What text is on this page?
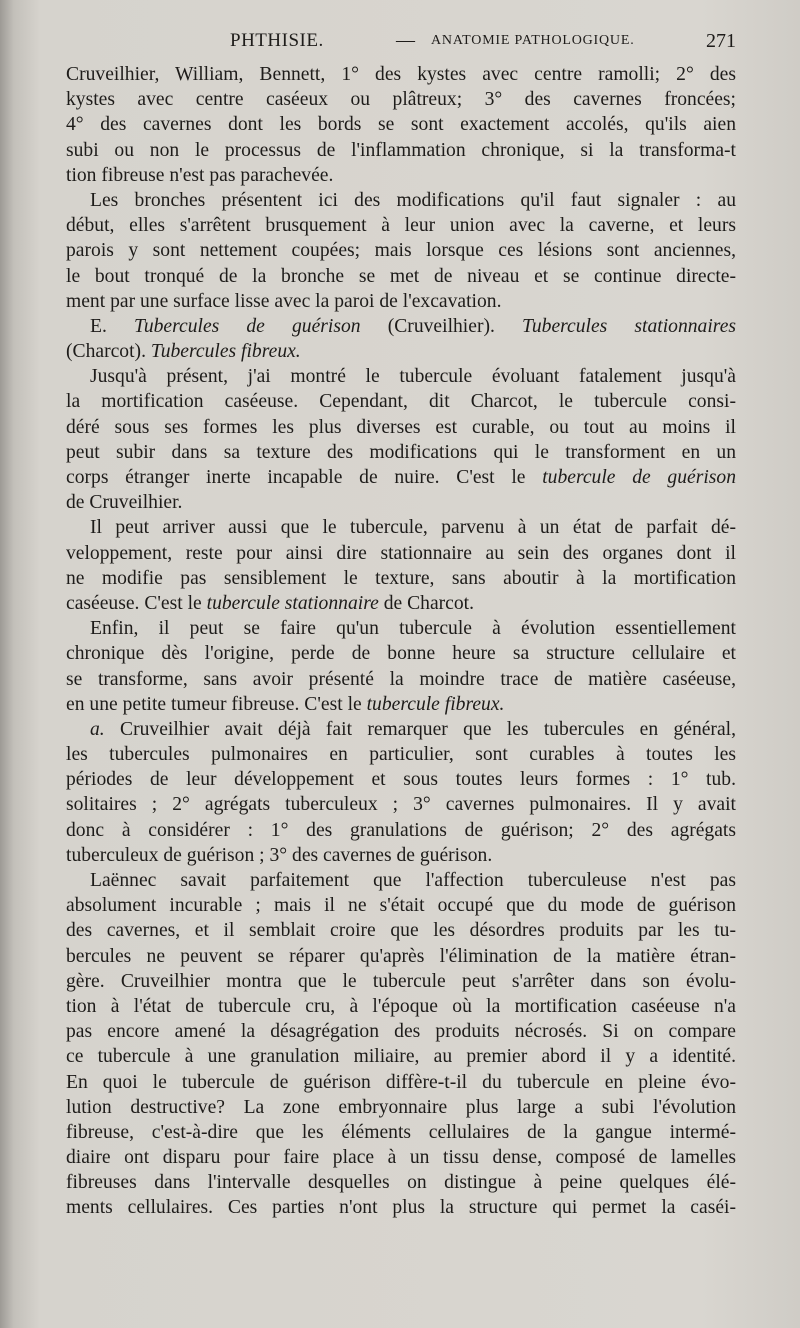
PHTHISIE.	— ANATOMIE PATHOLOGIQUE.	271
Cruveilhier, William, Bennett, 1° des kystes avec centre ramolli; 2° des
kystes avec centre caséeux ou plâtreux; 3° des cavernes froncées;
4° des cavernes dont les bords se sont exactement accolés, qu'ils aien
subi ou non le processus de l'inflammation chronique, si la transforma-t
tion fibreuse n'est pas parachevée.
Les bronches présentent ici des modifications qu'il faut signaler : au
début, elles s'arrêtent brusquement à leur union avec la caverne, et leurs
parois y sont nettement coupées; mais lorsque ces lésions sont anciennes,
le bout tronqué de la bronche se met de niveau et se continue directe-
ment par une surface lisse avec la paroi de l'excavation.
E. Tubercules de guérison (Cruveilhier). Tubercules stationnaires
(Charcot). Tubercules fibreux.
Jusqu'à présent, j'ai montré le tubercule évoluant fatalement jusqu'à
la mortification caséeuse. Cependant, dit Charcot, le tubercule consi-
déré sous ses formes les plus diverses est curable, ou tout au moins il
peut subir dans sa texture des modifications qui le transforment en un
corps étranger inerte incapable de nuire. C'est le tubercule de guérison
de Cruveilhier.
Il peut arriver aussi que le tubercule, parvenu à un état de parfait dé-
veloppement, reste pour ainsi dire stationnaire au sein des organes dont il
ne modifie pas sensiblement le texture, sans aboutir à la mortification
caséeuse. C'est le tubercule stationnaire de Charcot.
Enfin, il peut se faire qu'un tubercule à évolution essentiellement
chronique dès l'origine, perde de bonne heure sa structure cellulaire et
se transforme, sans avoir présenté la moindre trace de matière caséeuse,
en une petite tumeur fibreuse. C'est le tubercule fibreux.
a. Cruveilhier avait déjà fait remarquer que les tubercules en général,
les tubercules pulmonaires en particulier, sont curables à toutes les
périodes de leur développement et sous toutes leurs formes : 1° tub.
solitaires ; 2° agrégats tuberculeux ; 3° cavernes pulmonaires. Il y avait
donc à considérer : 1° des granulations de guérison; 2° des agrégats
tuberculeux de guérison ; 3° des cavernes de guérison.
Laënnec savait parfaitement que l'affection tuberculeuse n'est pas
absolument incurable ; mais il ne s'était occupé que du mode de guérison
des cavernes, et il semblait croire que les désordres produits par les tu-
bercules ne peuvent se réparer qu'après l'élimination de la matière étran-
gère. Cruveilhier montra que le tubercule peut s'arrêter dans son évolu-
tion à l'état de tubercule cru, à l'époque où la mortification caséeuse n'a
pas encore amené la désagrégation des produits nécrosés. Si on compare
ce tubercule à une granulation miliaire, au premier abord il y a identité.
En quoi le tubercule de guérison diffère-t-il du tubercule en pleine évo-
lution destructive? La zone embryonnaire plus large a subi l'évolution
fibreuse, c'est-à-dire que les éléments cellulaires de la gangue intermé-
diaire ont disparu pour faire place à un tissu dense, composé de lamelles
fibreuses dans l'intervalle desquelles on distingue à peine quelques élé-
ments cellulaires. Ces parties n'ont plus la structure qui permet la caséi-
